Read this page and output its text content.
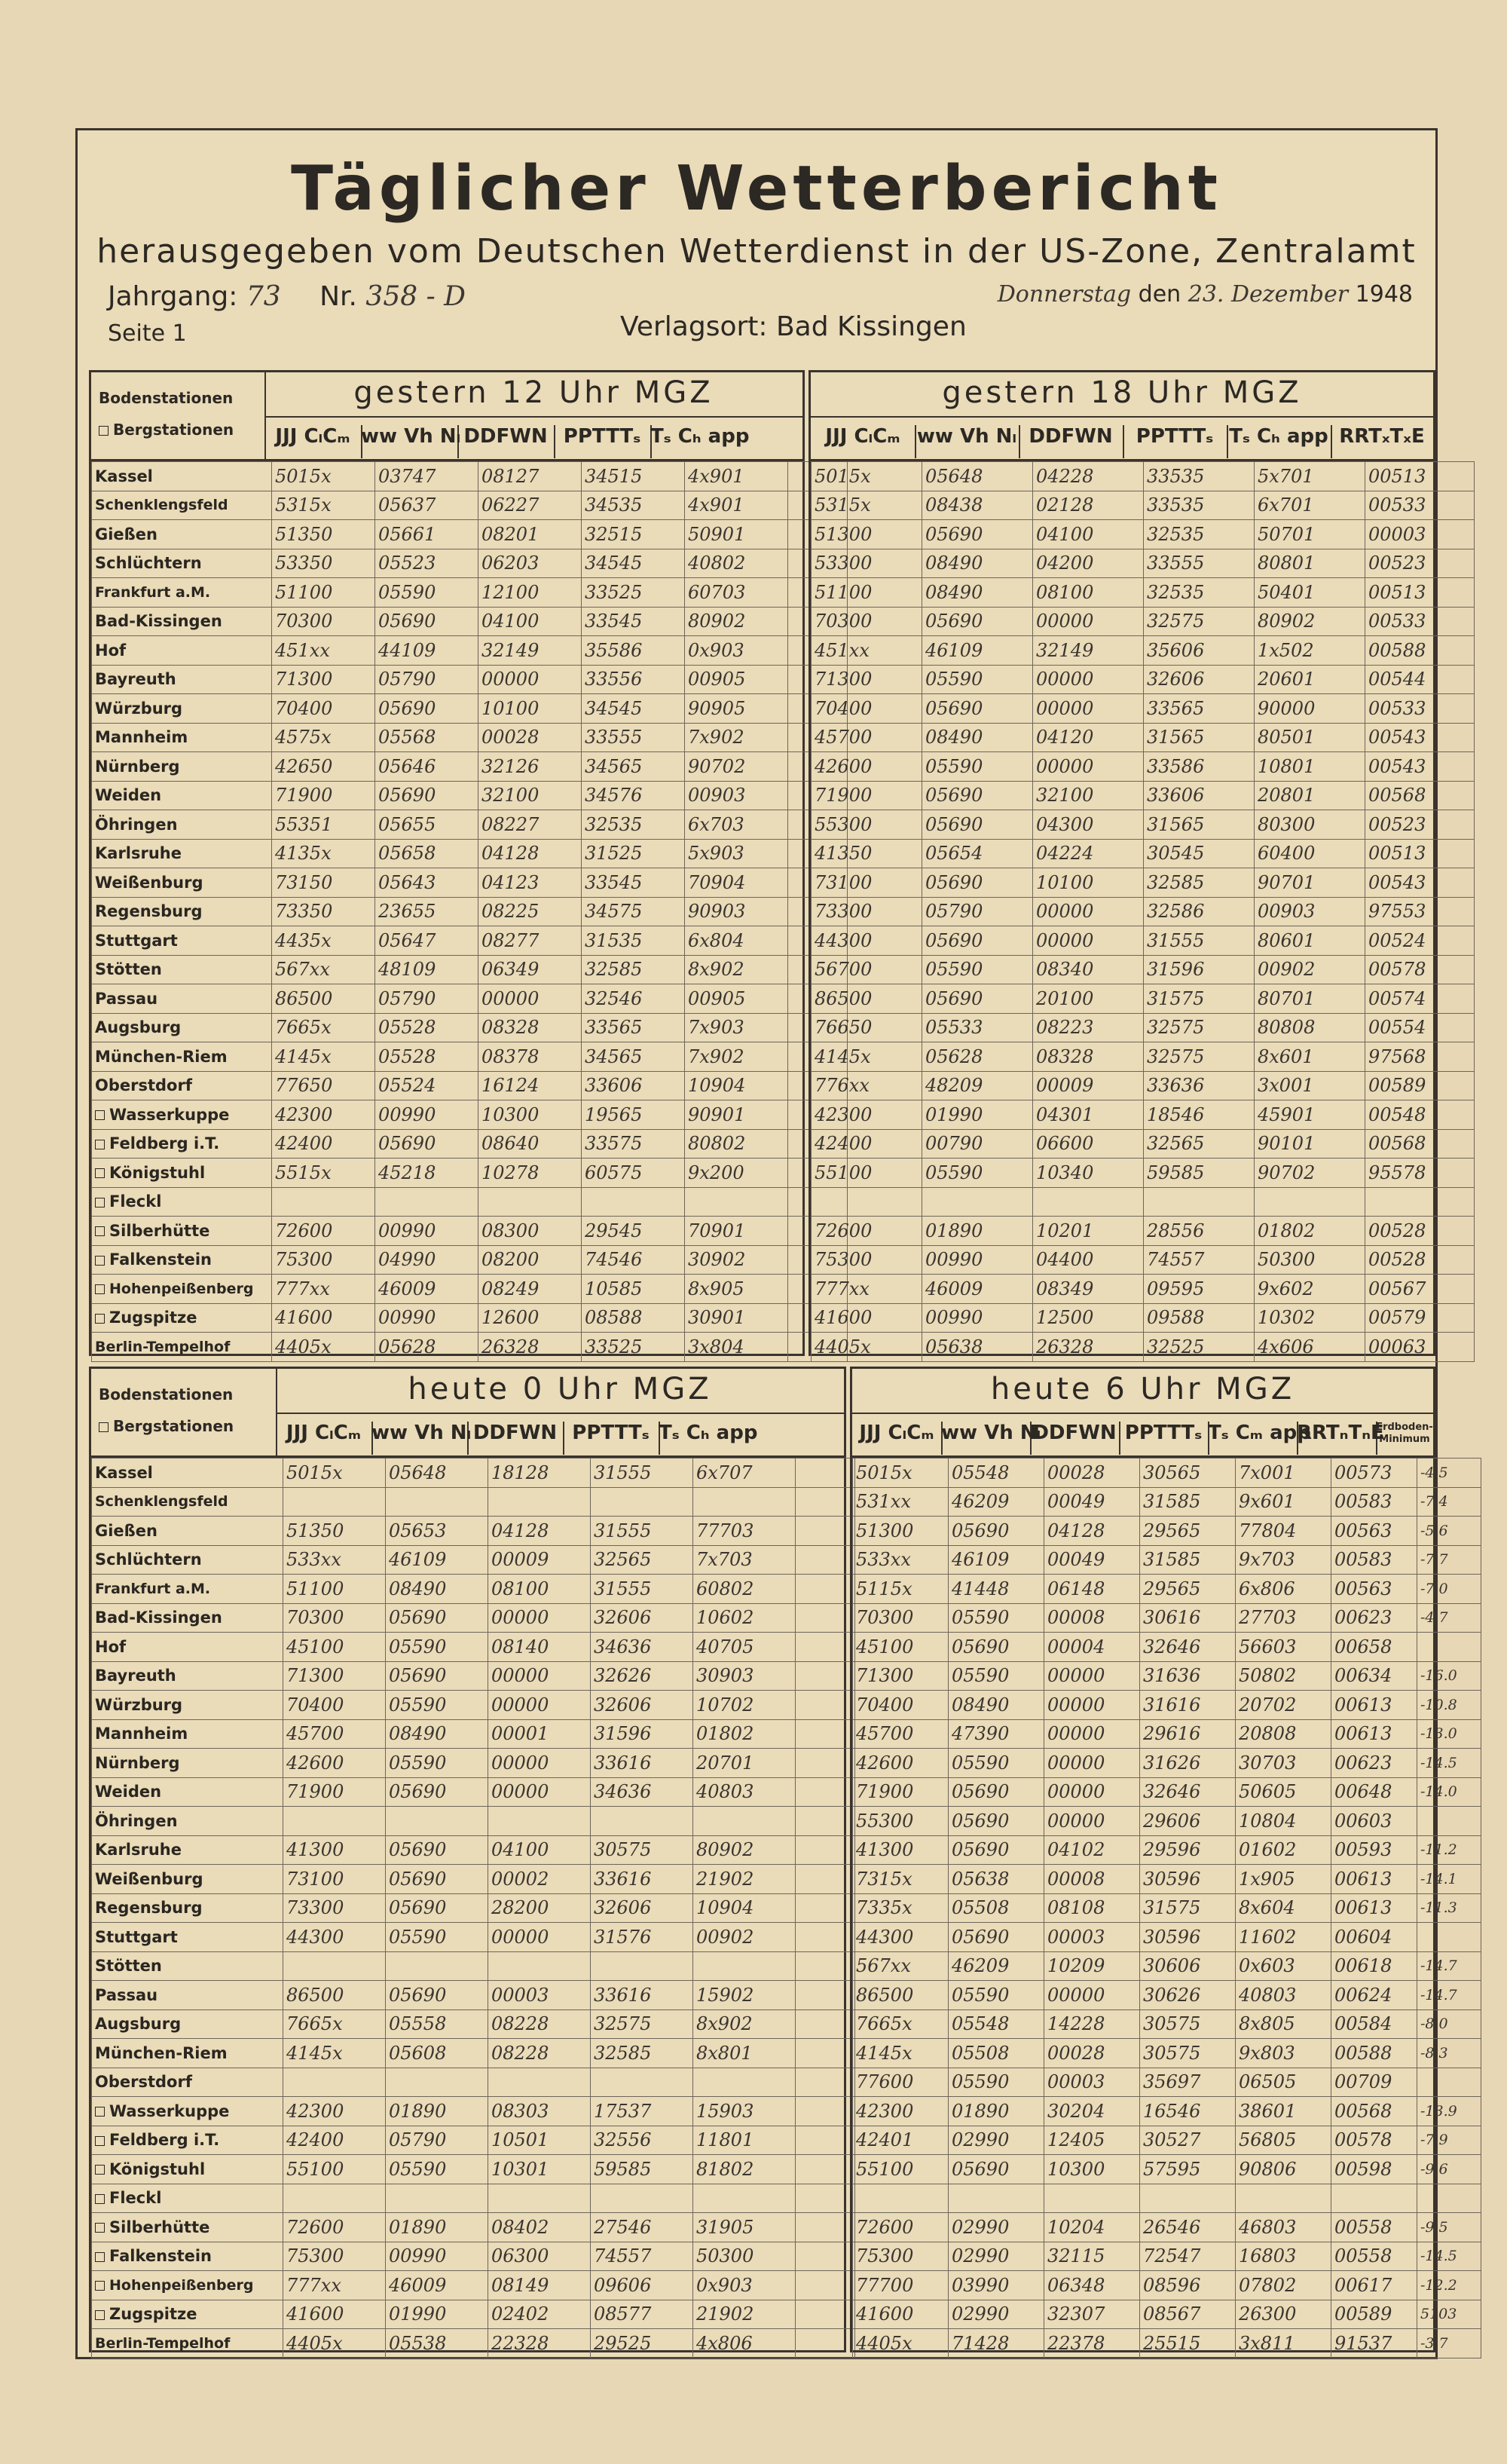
Täglicher Wetterbericht
herausgegeben vom Deutschen Wetterdienst in der US-Zone, Zentralamt
Jahrgang: 73 Nr. 358 - D
Seite 1	Verlagsort: Bad Kissingen
Donnerstag den 23. Dezember 1948
Bodenstationen
Bergstationen
gestern 12 Uhr MGZ
JJJ CₗCₘ ww Vh Nₗ DDFWN PPTTTₛ Tₛ Cₕ app
Kassel	5015x	03747	08127	34515	4x901	
Schenklengsfeld	5315x	05637	06227	34535	4x901	
Gießen	51350	05661	08201	32515	50901	
Schlüchtern	53350	05523	06203	34545	40802	
Frankfurt a.M.	51100	05590	12100	33525	60703	
Bad-Kissingen	70300	05690	04100	33545	80902	
Hof	451xx	44109	32149	35586	0x903	
Bayreuth	71300	05790	00000	33556	00905	
Würzburg	70400	05690	10100	34545	90905	
Mannheim	4575x	05568	00028	33555	7x902	
Nürnberg	42650	05646	32126	34565	90702	
Weiden	71900	05690	32100	34576	00903	
Öhringen	55351	05655	08227	32535	6x703	
Karlsruhe	4135x	05658	04128	31525	5x903	
Weißenburg	73150	05643	04123	33545	70904	
Regensburg	73350	23655	08225	34575	90903	
Stuttgart	4435x	05647	08277	31535	6x804	
Stötten	567xx	48109	06349	32585	8x902	
Passau	86500	05790	00000	32546	00905	
Augsburg	7665x	05528	08328	33565	7x903	
München-Riem	4145x	05528	08378	34565	7x902	
Oberstdorf	77650	05524	16124	33606	10904	
Wasserkuppe	42300	00990	10300	19565	90901	
Feldberg i.T.	42400	05690	08640	33575	80802	
Königstuhl	5515x	45218	10278	60575	9x200	
Fleckl						
Silberhütte	72600	00990	08300	29545	70901	
Falkenstein	75300	04990	08200	74546	30902	
Hohenpeißenberg	777xx	46009	08249	10585	8x905	
Zugspitze	41600	00990	12600	08588	30901	
Berlin-Tempelhof	4405x	05628	26328	33525	3x804	
gestern 18 Uhr MGZ
JJJ CₗCₘ ww Vh Nₗ DDFWN	PPTTTₛ Tₛ Cₕ app RRTₓTₓE
5015x	05648	04228	33535	5x701	00513
5315x	08438	02128	33535	6x701	00533
51300	05690	04100	32535	50701	00003
53300	08490	04200	33555	80801	00523
51100	08490	08100	32535	50401	00513
70300	05690	00000	32575	80902	00533
451xx	46109	32149	35606	1x502	00588
71300	05590	00000	32606	20601	00544
70400	05690	00000	33565	90000	00533
45700	08490	04120	31565	80501	00543
42600	05590	00000	33586	10801	00543
71900	05690	32100	33606	20801	00568
55300	05690	04300	31565	80300	00523
41350	05654	04224	30545	60400	00513
73100	05690	10100	32585	90701	00543
73300	05790	00000	32586	00903	97553
44300	05690	00000	31555	80601	00524
56700	05590	08340	31596	00902	00578
86500	05690	20100	31575	80701	00574
76650	05533	08223	32575	80808	00554
4145x	05628	08328	32575	8x601	97568
776xx	48209	00009	33636	3x001	00589
42300	01990	04301	18546	45901	00548
42400	00790	06600	32565	90101	00568
55100	05590	10340	59585	90702	95578

72600	01890	10201	28556	01802	00528
75300	00990	04400	74557	50300	00528
777xx	46009	08349	09595	9x602	00567
41600	00990	12500	09588	10302	00579
4405x	05638	26328	32525	4x606	00063
Bodenstationen
Bergstationen
heute 0 Uhr MGZ
JJJ CₗCₘ ww Vh Nₗ DDFWN PPTTTₛ Tₛ Cₕ app
Kassel	5015x	05648	18128	31555	6x707	
Schenklengsfeld						
Gießen	51350	05653	04128	31555	77703	
Schlüchtern	533xx	46109	00009	32565	7x703	
Frankfurt a.M.	51100	08490	08100	31555	60802	
Bad-Kissingen	70300	05690	00000	32606	10602	
Hof	45100	05590	08140	34636	40705	
Bayreuth	71300	05690	00000	32626	30903	
Würzburg	70400	05590	00000	32606	10702	
Mannheim	45700	08490	00001	31596	01802	
Nürnberg	42600	05590	00000	33616	20701	
Weiden	71900	05690	00000	34636	40803	
Öhringen						
Karlsruhe	41300	05690	04100	30575	80902	
Weißenburg	73100	05690	00002	33616	21902	
Regensburg	73300	05690	28200	32606	10904	
Stuttgart	44300	05590	00000	31576	00902	
Stötten						
Passau	86500	05690	00003	33616	15902	
Augsburg	7665x	05558	08228	32575	8x902	
München-Riem	4145x	05608	08228	32585	8x801	
Oberstdorf						
Wasserkuppe	42300	01890	08303	17537	15903	
Feldberg i.T.	42400	05790	10501	32556	11801	
Königstuhl	55100	05590	10301	59585	81802	
Fleckl						
Silberhütte	72600	01890	08402	27546	31905	
Falkenstein	75300	00990	06300	74557	50300	
Hohenpeißenberg	777xx	46009	08149	09606	0x903	
Zugspitze	41600	01990	02402	08577	21902	
Berlin-Tempelhof	4405x	05538	22328	29525	4x806	
heute 6 Uhr MGZ
JJJ CₗCₘ ww Vh Nₗ
DDFWN PPTTTₛ Tₛ Cₘ app
RRTₙTₙE
Erdboden-Minimum
5015x	05548	00028	30565	7x001	00573	-4.5
531xx	46209	00049	31585	9x601	00583	-7.4
51300	05690	04128	29565	77804	00563	-5.6
533xx	46109	00049	31585	9x703	00583	-7.7
5115x	41448	06148	29565	6x806	00563	-7.0
70300	05590	00008	30616	27703	00623	-4.7
45100	05690	00004	32646	56603	00658	
71300	05590	00000	31636	50802	00634	-16.0
70400	08490	00000	31616	20702	00613	-10.8
45700	47390	00000	29616	20808	00613	-13.0
42600	05590	00000	31626	30703	00623	-14.5
71900	05690	00000	32646	50605	00648	-14.0
55300	05690	00000	29606	10804	00603	
41300	05690	04102	29596	01602	00593	-11.2
7315x	05638	00008	30596	1x905	00613	-14.1
7335x	05508	08108	31575	8x604	00613	-11.3
44300	05690	00003	30596	11602	00604	
567xx	46209	10209	30606	0x603	00618	-14.7
86500	05590	00000	30626	40803	00624	-14.7
7665x	05548	14228	30575	8x805	00584	-8.0
4145x	05508	00028	30575	9x803	00588	-8.3
77600	05590	00003	35697	06505	00709	
42300	01890	30204	16546	38601	00568	-13.9
42401	02990	12405	30527	56805	00578	-7.9
55100	05690	10300	57595	90806	00598	-9.6

72600	02990	10204	26546	46803	00558	-9.5
75300	02990	32115	72547	16803	00558	-14.5
77700	03990	06348	08596	07802	00617	-12.2
41600	02990	32307	08567	26300	00589	5103
4405x	71428	22378	25515	3x811	91537	-3.7
